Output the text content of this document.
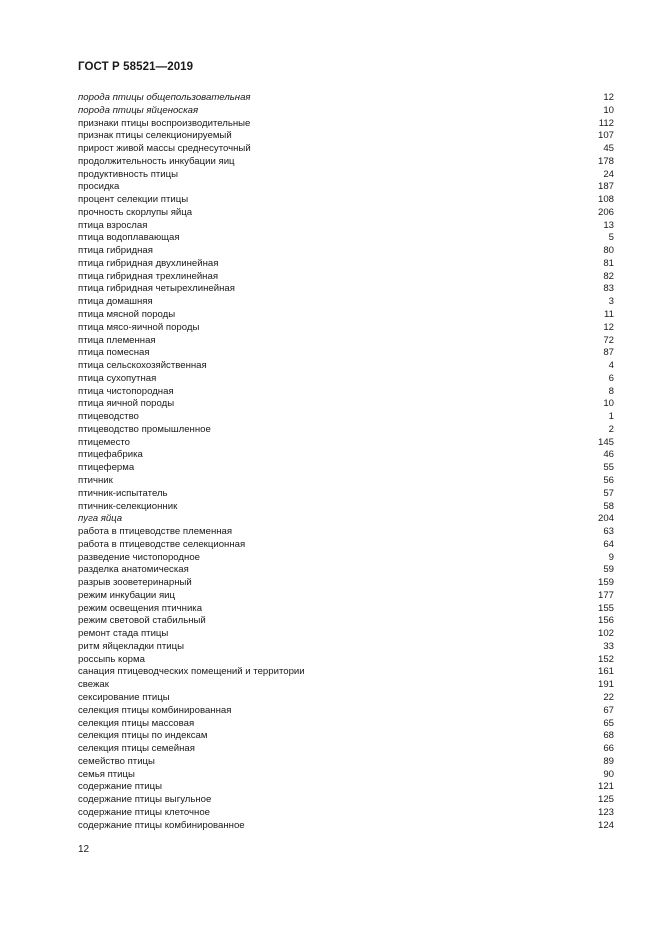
ГОСТ Р 58521—2019
порода птицы общепользовательная	12
порода птицы яйценоская	10
признаки птицы воспроизводительные	112
признак птицы селекционируемый	107
прирост живой массы среднесуточный	45
продолжительность инкубации яиц	178
продуктивность птицы	24
просидка	187
процент селекции птицы	108
прочность скорлупы яйца	206
птица взрослая	13
птица водоплавающая	5
птица гибридная	80
птица гибридная двухлинейная	81
птица гибридная трехлинейная	82
птица гибридная четырехлинейная	83
птица домашняя	3
птица мясной породы	11
птица мясо-яичной породы	12
птица племенная	72
птица помесная	87
птица сельскохозяйственная	4
птица сухопутная	6
птица чистопородная	8
птица яичной породы	10
птицеводство	1
птицеводство промышленное	2
птицеместо	145
птицефабрика	46
птицеферма	55
птичник	56
птичник-испытатель	57
птичник-селекционник	58
пуга яйца	204
работа в птицеводстве племенная	63
работа в птицеводстве селекционная	64
разведение чистопородное	9
разделка анатомическая	59
разрыв зооветеринарный	159
режим инкубации яиц	177
режим освещения птичника	155
режим световой стабильный	156
ремонт стада птицы	102
ритм яйцекладки птицы	33
россыпь корма	152
санация птицеводческих помещений и территории	161
свежак	191
сексирование птицы	22
селекция птицы комбинированная	67
селекция птицы массовая	65
селекция птицы по индексам	68
селекция птицы семейная	66
семейство птицы	89
семья птицы	90
содержание птицы	121
содержание птицы выгульное	125
содержание птицы клеточное	123
содержание птицы комбинированное	124
12
